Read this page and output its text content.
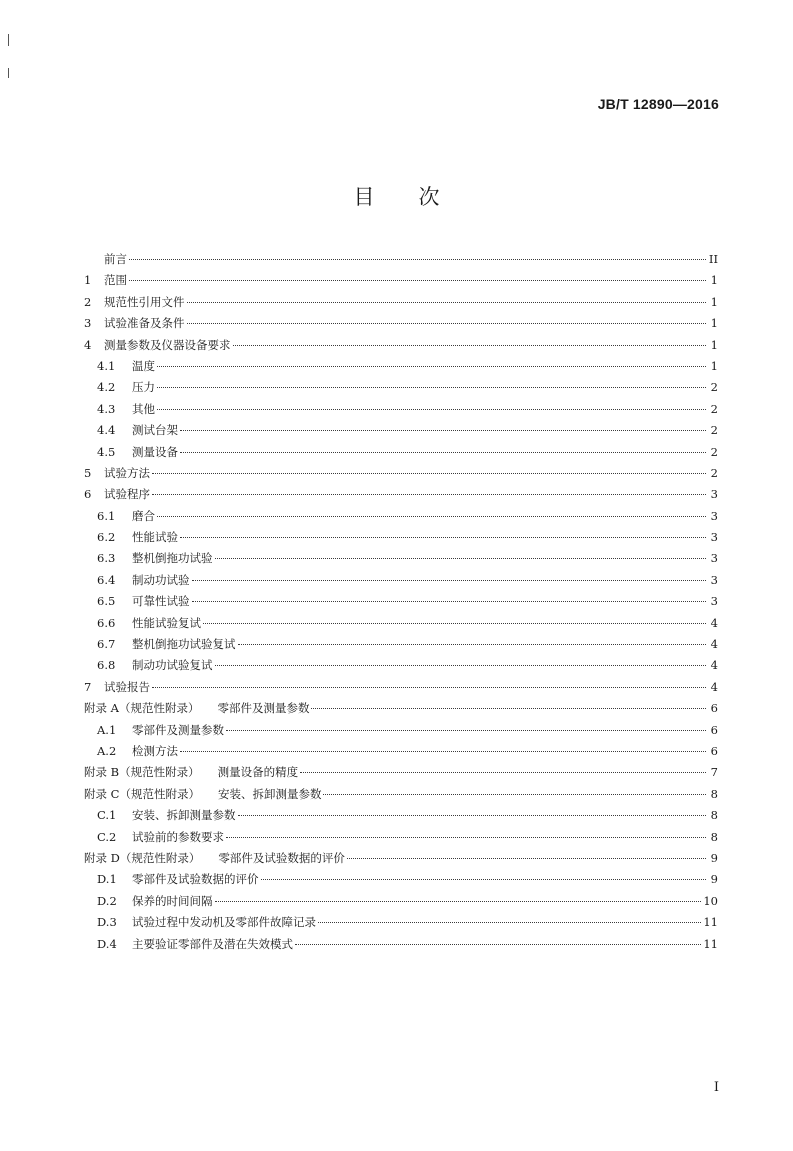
JB/T 12890—2016
目次
前言	II
1	范围	1
2	规范性引用文件	1
3	试验准备及条件	1
4	测量参数及仪器设备要求	1
4.1	温度	1
4.2	压力	2
4.3	其他	2
4.4	测试台架	2
4.5	测量设备	2
5	试验方法	2
6	试验程序	3
6.1	磨合	3
6.2	性能试验	3
6.3	整机倒拖功试验	3
6.4	制动功试验	3
6.5	可靠性试验	3
6.6	性能试验复试	4
6.7	整机倒拖功试验复试	4
6.8	制动功试验复试	4
7	试验报告	4
附录 A（规范性附录） 零部件及测量参数	6
A.1	零部件及测量参数	6
A.2	检测方法	6
附录 B（规范性附录） 测量设备的精度	7
附录 C（规范性附录） 安装、拆卸测量参数	8
C.1	安装、拆卸测量参数	8
C.2	试验前的参数要求	8
附录 D（规范性附录） 零部件及试验数据的评价	9
D.1	零部件及试验数据的评价	9
D.2	保养的时间间隔	10
D.3	试验过程中发动机及零部件故障记录	11
D.4	主要验证零部件及潜在失效模式	11
I
